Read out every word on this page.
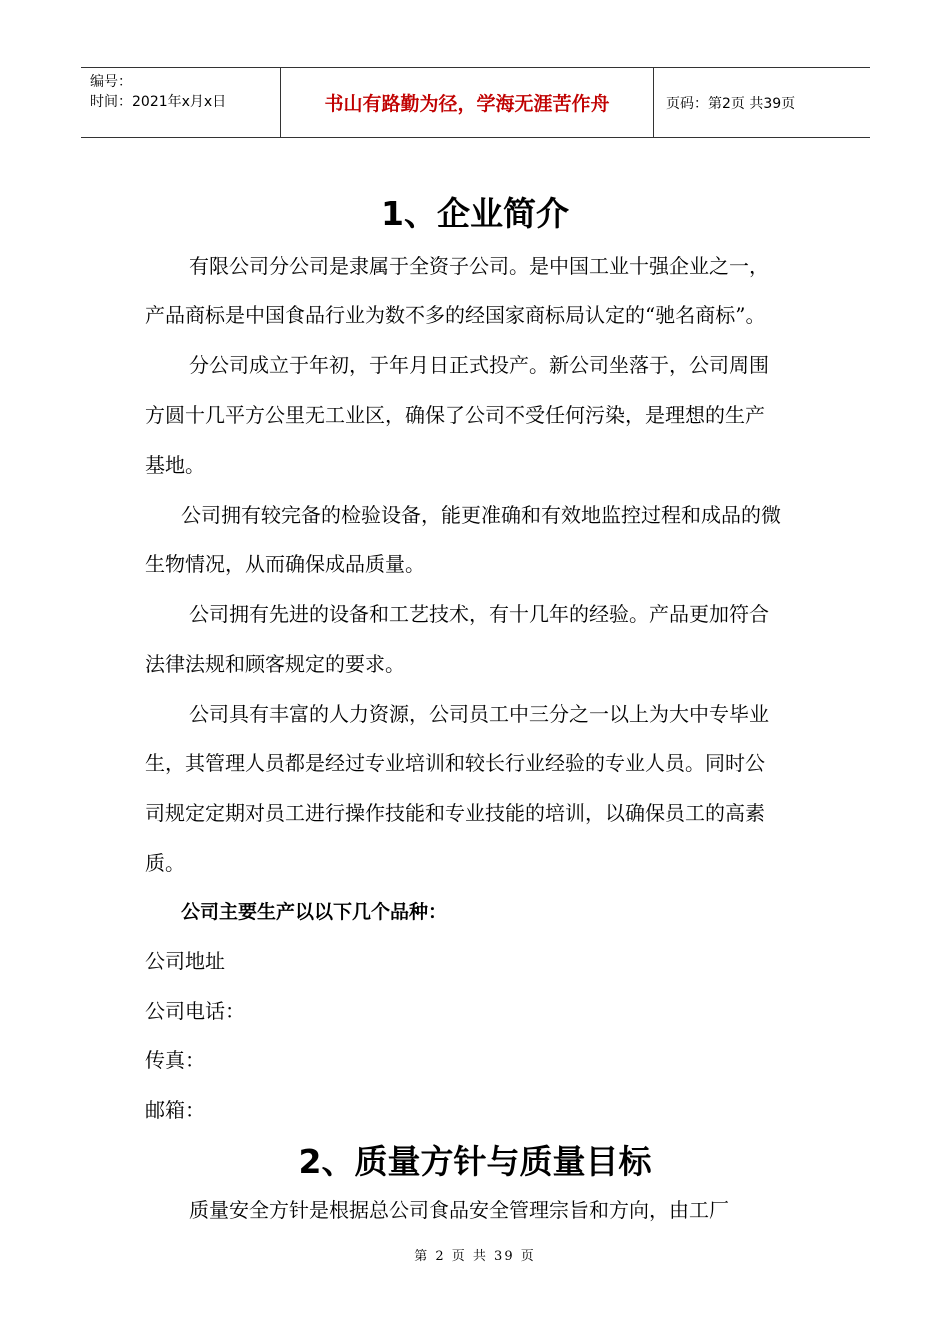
编号：
时间：2021年x月x日	书山有路勤为径，学海无涯苦作舟	页码：第2页 共39页
1、企业简介
有限公司分公司是隶属于全资子公司。是中国工业十强企业之一，
产品商标是中国食品行业为数不多的经国家商标局认定的“驰名商标”。
分公司成立于年初，于年月日正式投产。新公司坐落于，公司周围
方圆十几平方公里无工业区，确保了公司不受任何污染，是理想的生产
基地。
公司拥有较完备的检验设备，能更准确和有效地监控过程和成品的微
生物情况，从而确保成品质量。
公司拥有先进的设备和工艺技术，有十几年的经验。产品更加符合
法律法规和顾客规定的要求。
公司具有丰富的人力资源，公司员工中三分之一以上为大中专毕业
生，其管理人员都是经过专业培训和较长行业经验的专业人员。同时公
司规定定期对员工进行操作技能和专业技能的培训，以确保员工的高素
质。
公司主要生产以以下几个品种：
公司地址
公司电话：
传真：
邮箱：
2、质量方针与质量目标
质量安全方针是根据总公司食品安全管理宗旨和方向，由工厂
第 2 页 共 39 页
